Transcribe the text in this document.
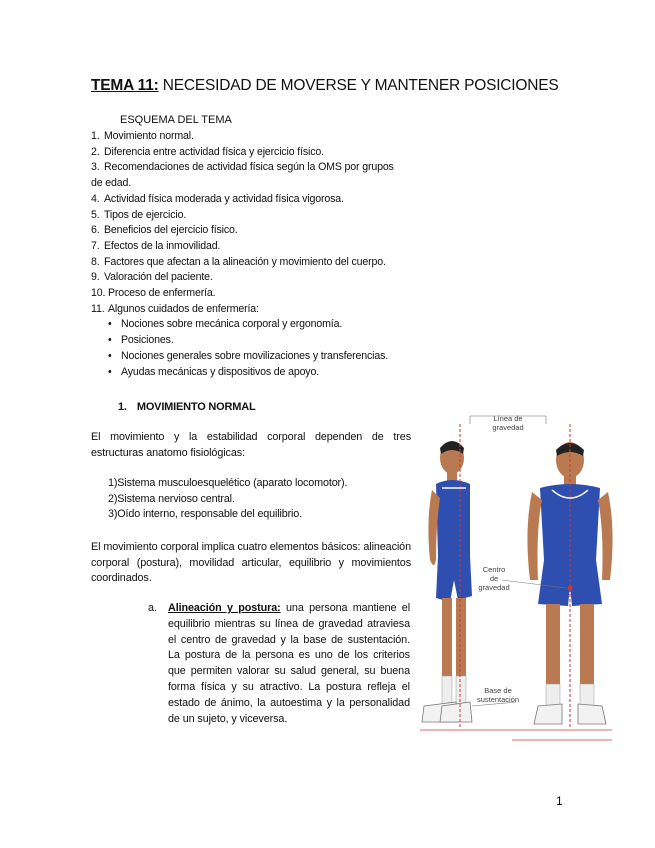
TEMA 11: NECESIDAD DE MOVERSE Y MANTENER POSICIONES
ESQUEMA DEL TEMA
1. Movimiento normal.
2. Diferencia entre actividad física y ejercicio físico.
3. Recomendaciones de actividad física según la OMS por grupos
de edad.
4. Actividad física moderada y actividad física vigorosa.
5. Tipos de ejercicio.
6. Beneficios del ejercicio físico.
7. Efectos de la inmovilidad.
8. Factores que afectan a la alineación y movimiento del cuerpo.
9. Valoración del paciente.
10. Proceso de enfermería.
11. Algunos cuidados de enfermería:
• Nociones sobre mecánica corporal y ergonomía.
• Posiciones.
• Nociones generales sobre movilizaciones y transferencias.
• Ayudas mecánicas y dispositivos de apoyo.
1. MOVIMIENTO NORMAL
El movimiento y la estabilidad corporal dependen de tres estructuras anatomo fisiológicas:
1)Sistema musculoesquelético (aparato locomotor).
2)Sistema nervioso central.
3)Oído interno, responsable del equilibrio.
El movimiento corporal implica cuatro elementos básicos: alineación corporal (postura), movilidad articular, equilibrio y movimientos coordinados.
a. Alineación y postura: una persona mantiene el equilibrio mientras su línea de gravedad atraviesa el centro de gravedad y la base de sustentación. La postura de la persona es uno de los criterios que permiten valorar su salud general, su buena forma física y su atractivo. La postura refleja el estado de ánimo, la autoestima y la personalidad de un sujeto, y viceversa.
Línea de
gravedad
Centro
de
gravedad
Base de
sustentación
1
